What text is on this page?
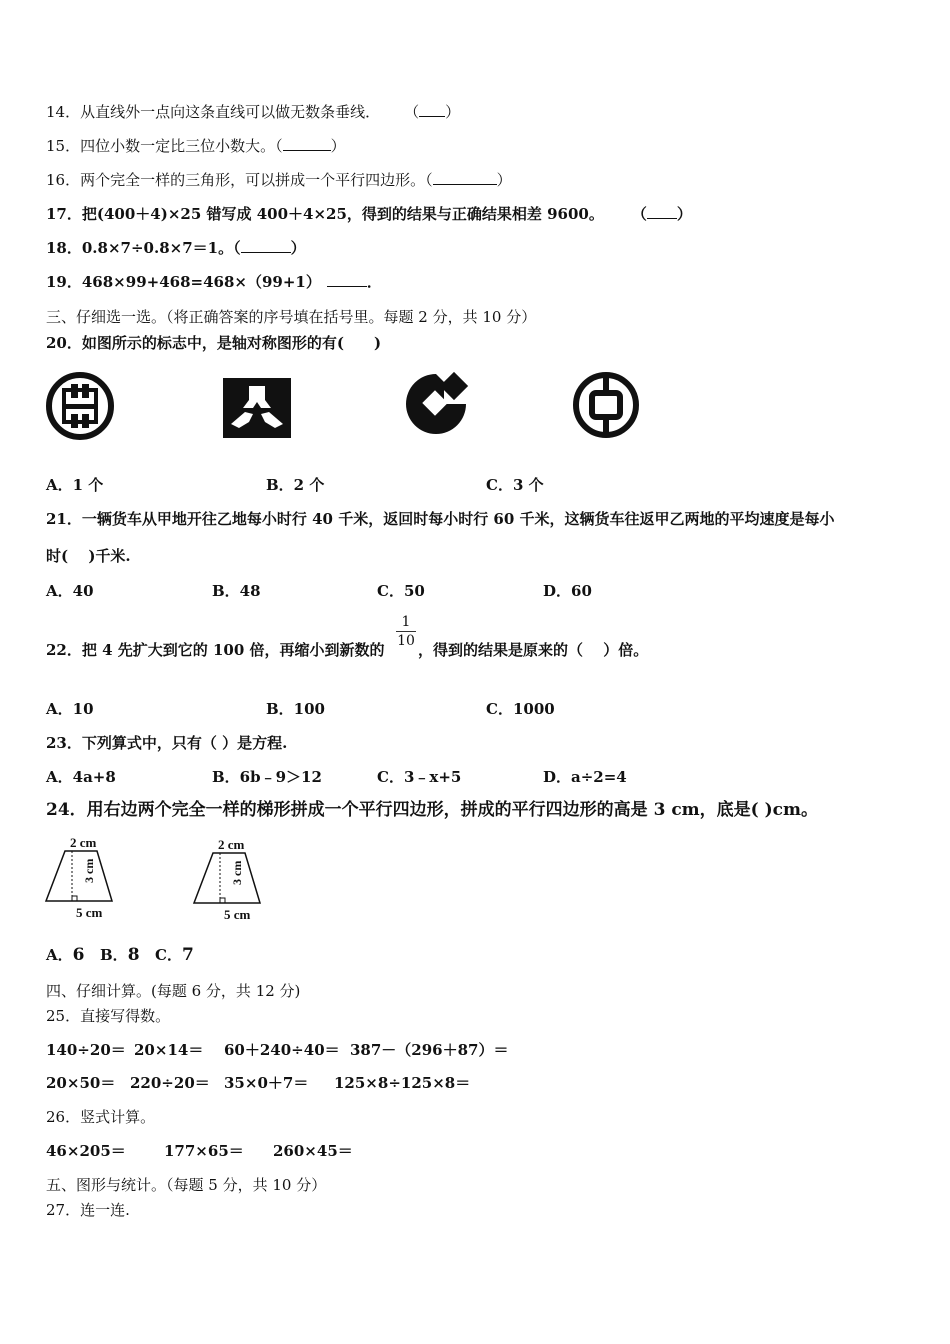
14．从直线外一点向这条直线可以做无数条垂线． （ ）
15．四位小数一定比三位小数大。（	）
16．两个完全一样的三角形，可以拼成一个平行四边形。（	）
17．把(400＋4)×25 错写成 400＋4×25，得到的结果与正确结果相差 9600。 （ ）
18．0.8×7÷0.8×7＝1。（	）
19．468×99+468=468×（99+1）	．
三、仔细选一选。（将正确答案的序号填在括号里。每题 2 分，共 10 分）
20．如图所示的标志中，是轴对称图形的有(　　)
A．1 个	B．2 个	C．3 个
21．一辆货车从甲地开往乙地每小时行 40 千米，返回时每小时行 60 千米，这辆货车往返甲乙两地的平均速度是每小
时(　 )千米.
A．40	B．48	C．50	D．60
22．把 4 先扩大到它的 100 倍，再缩小到新数的
$\frac{1}{10}$
，得到的结果是原来的（　 ）倍。
A．10	B．100	C．1000
23．下列算式中，只有（ ）是方程.
A．4a+8	B．6b﹣9＞12	C．3﹣x+5	D．a÷2=4
24．用右边两个完全一样的梯形拼成一个平行四边形，拼成的平行四边形的高是 3 cm，底是( )cm。
2 cm
3 cm
5 cm
2 cm
3 cm
5 cm
A．6 B．8 C．7
四、仔细计算。(每题 6 分，共 12 分)
25．直接写得数。
140÷20＝ 20×14＝ 60＋240÷40＝ 387－（296＋87）＝
20×50＝ 220÷20＝ 35×0＋7＝ 125×8÷125×8＝
26．竖式计算。
46×205＝	177×65＝ 260×45＝
五、图形与统计。（每题 5 分，共 10 分）
27．连一连.
